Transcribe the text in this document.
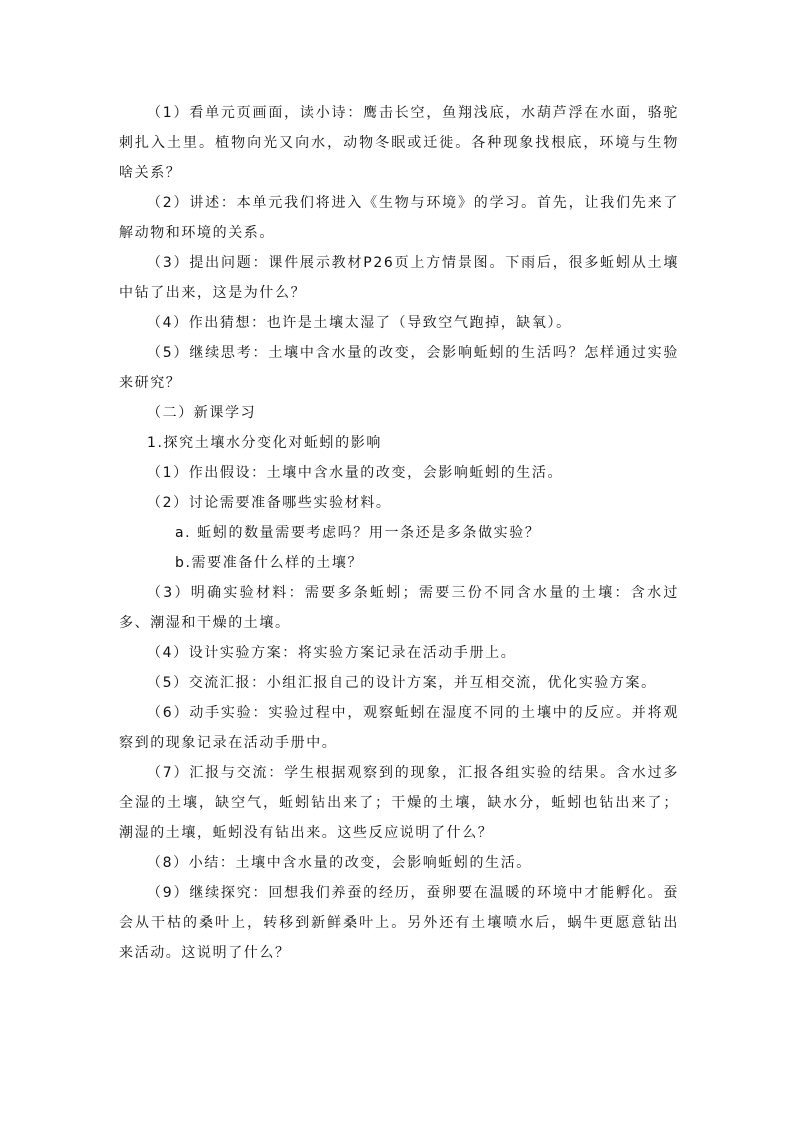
（1）看单元页画面，读小诗：鹰击长空，鱼翔浅底，水葫芦浮在水面，骆驼刺扎入土里。植物向光又向水，动物冬眠或迁徙。各种现象找根底，环境与生物啥关系？

（2）讲述：本单元我们将进入《生物与环境》的学习。首先，让我们先来了解动物和环境的关系。

（3）提出问题：课件展示教材P26页上方情景图。下雨后，很多蚯蚓从土壤中钻了出来，这是为什么？

（4）作出猜想：也许是土壤太湿了（导致空气跑掉，缺氧）。

（5）继续思考：土壤中含水量的改变，会影响蚯蚓的生活吗？怎样通过实验来研究？

（二）新课学习

1.探究土壤水分变化对蚯蚓的影响

（1）作出假设：土壤中含水量的改变，会影响蚯蚓的生活。

（2）讨论需要准备哪些实验材料。

a. 蚯蚓的数量需要考虑吗？用一条还是多条做实验？

b.需要准备什么样的土壤？

（3）明确实验材料：需要多条蚯蚓；需要三份不同含水量的土壤：含水过多、潮湿和干燥的土壤。

（4）设计实验方案：将实验方案记录在活动手册上。

（5）交流汇报：小组汇报自己的设计方案，并互相交流，优化实验方案。

（6）动手实验：实验过程中，观察蚯蚓在湿度不同的土壤中的反应。并将观察到的现象记录在活动手册中。

（7）汇报与交流：学生根据观察到的现象，汇报各组实验的结果。含水过多全湿的土壤，缺空气，蚯蚓钻出来了；干燥的土壤，缺水分，蚯蚓也钻出来了；潮湿的土壤，蚯蚓没有钻出来。这些反应说明了什么？

（8）小结：土壤中含水量的改变，会影响蚯蚓的生活。

（9）继续探究：回想我们养蚕的经历，蚕卵要在温暖的环境中才能孵化。蚕会从干枯的桑叶上，转移到新鲜桑叶上。另外还有土壤喷水后，蜗牛更愿意钻出来活动。这说明了什么？
